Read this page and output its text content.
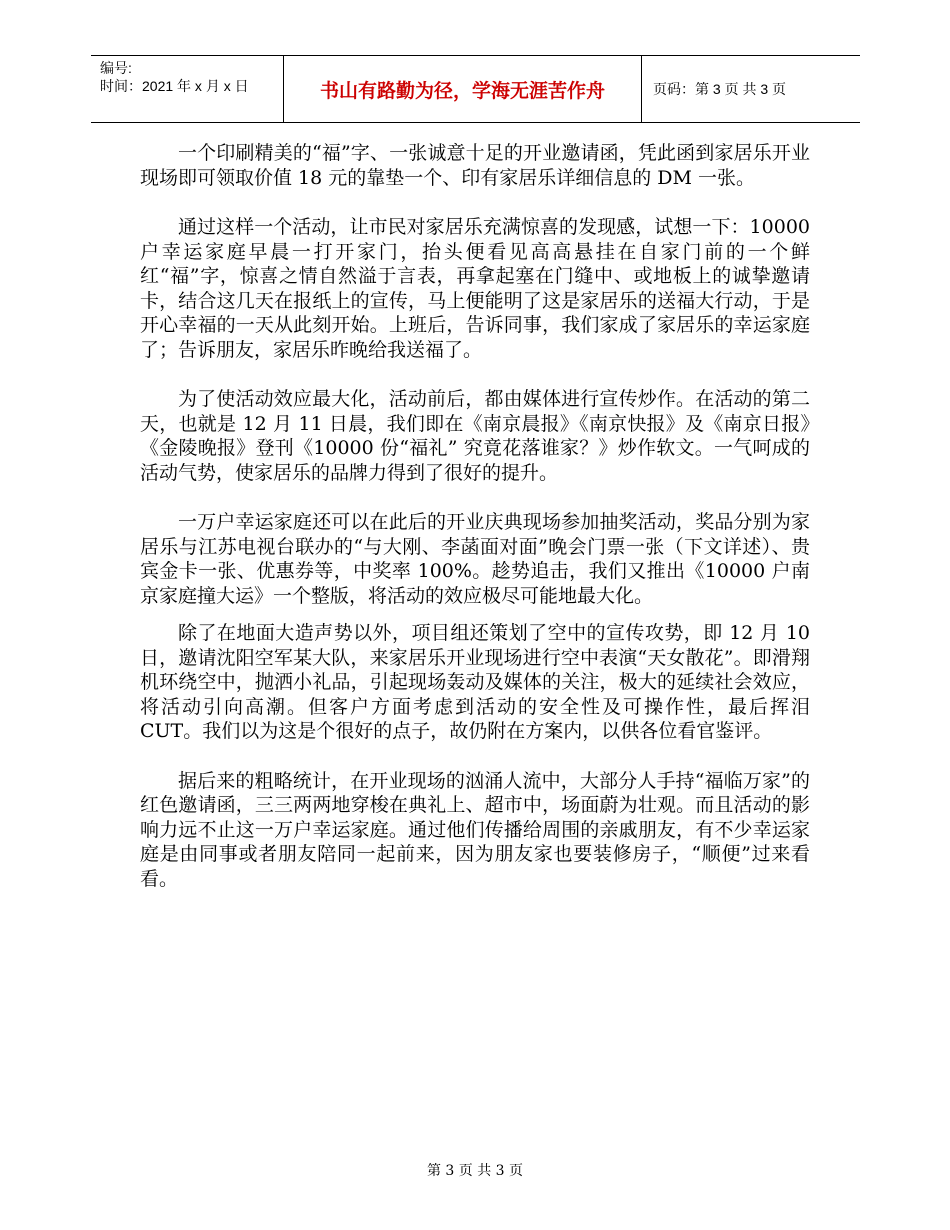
编号:
时间：2021 年 x 月 x 日	书山有路勤为径，学海无涯苦作舟	页码：第 3 页 共 3 页

一个印刷精美的“福”字、一张诚意十足的开业邀请函，凭此函到家居乐开业现场即可领取价值 18 元的靠垫一个、印有家居乐详细信息的 DM 一张。

通过这样一个活动，让市民对家居乐充满惊喜的发现感，试想一下：10000 户幸运家庭早晨一打开家门，抬头便看见高高悬挂在自家门前的一个鲜红“福”字，惊喜之情自然溢于言表，再拿起塞在门缝中、或地板上的诚挚邀请卡，结合这几天在报纸上的宣传，马上便能明了这是家居乐的送福大行动，于是开心幸福的一天从此刻开始。上班后，告诉同事，我们家成了家居乐的幸运家庭了；告诉朋友，家居乐昨晚给我送福了。

为了使活动效应最大化，活动前后，都由媒体进行宣传炒作。在活动的第二天，也就是 12 月 11 日晨，我们即在《南京晨报》《南京快报》及《南京日报》《金陵晚报》登刊《10000 份“福礼” 究竟花落谁家？》炒作软文。一气呵成的活动气势，使家居乐的品牌力得到了很好的提升。

一万户幸运家庭还可以在此后的开业庆典现场参加抽奖活动，奖品分别为家居乐与江苏电视台联办的“与大刚、李菡面对面”晚会门票一张（下文详述）、贵宾金卡一张、优惠券等，中奖率 100%。趁势追击，我们又推出《10000 户南京家庭撞大运》一个整版，将活动的效应极尽可能地最大化。

除了在地面大造声势以外，项目组还策划了空中的宣传攻势，即 12 月 10 日，邀请沈阳空军某大队，来家居乐开业现场进行空中表演“天女散花”。即滑翔机环绕空中，抛洒小礼品，引起现场轰动及媒体的关注，极大的延续社会效应，将活动引向高潮。但客户方面考虑到活动的安全性及可操作性，最后挥泪 CUT。我们以为这是个很好的点子，故仍附在方案内，以供各位看官鉴评。

据后来的粗略统计，在开业现场的汹涌人流中，大部分人手持“福临万家”的红色邀请函，三三两两地穿梭在典礼上、超市中，场面蔚为壮观。而且活动的影响力远不止这一万户幸运家庭。通过他们传播给周围的亲戚朋友，有不少幸运家庭是由同事或者朋友陪同一起前来，因为朋友家也要装修房子，“顺便”过来看看。

第 3 页 共 3 页
